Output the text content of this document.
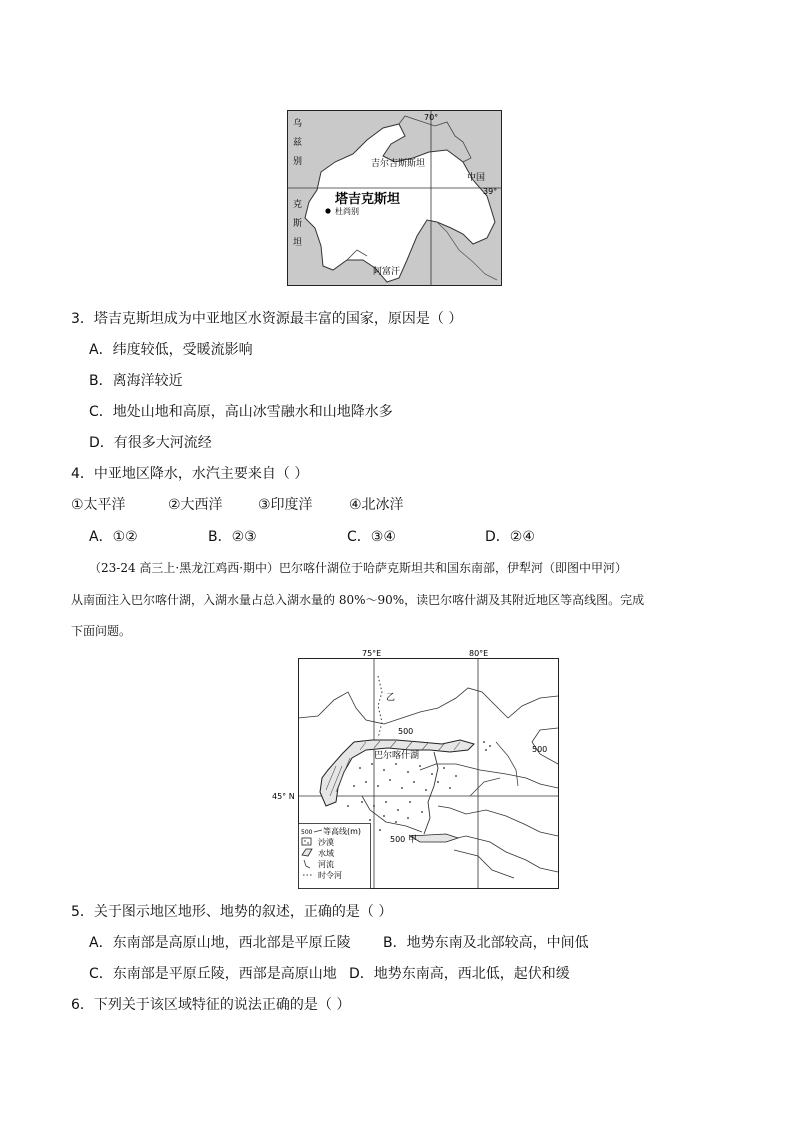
乌
兹
别
克
斯
坦
吉尔吉斯斯坦
中国
塔吉克斯坦
杜尚别
阿富汗
70°
39°
3．塔吉克斯坦成为中亚地区水资源最丰富的国家，原因是（ ）
A．纬度较低，受暖流影响
B．离海洋较近
C．地处山地和高原，高山冰雪融水和山地降水多
D．有很多大河流经
4．中亚地区降水，水汽主要来自（ ）
①太平洋	②大西洋	③印度洋	④北冰洋
A．①②	B．②③	C．③④	D．②④
（23-24 高三上·黑龙江鸡西·期中）巴尔喀什湖位于哈萨克斯坦共和国东南部，伊犁河（即图中甲河）
从南面注入巴尔喀什湖，入湖水量占总入湖水量的 80%～90%，读巴尔喀什湖及其附近地区等高线图。完成
下面问题。
75°E	80°E
45° N
乙
500
500
500 甲
巴尔喀什湖
500 等高线(m)
沙漠
水域
河流
时令河
5．关于图示地区地形、地势的叙述，正确的是（ ）
A．东南部是高原山地，西北部是平原丘陵 B．地势东南及北部较高，中间低
C．东南部是平原丘陵，西部是高原山地 D．地势东南高，西北低，起伏和缓
6．下列关于该区域特征的说法正确的是（ ）
